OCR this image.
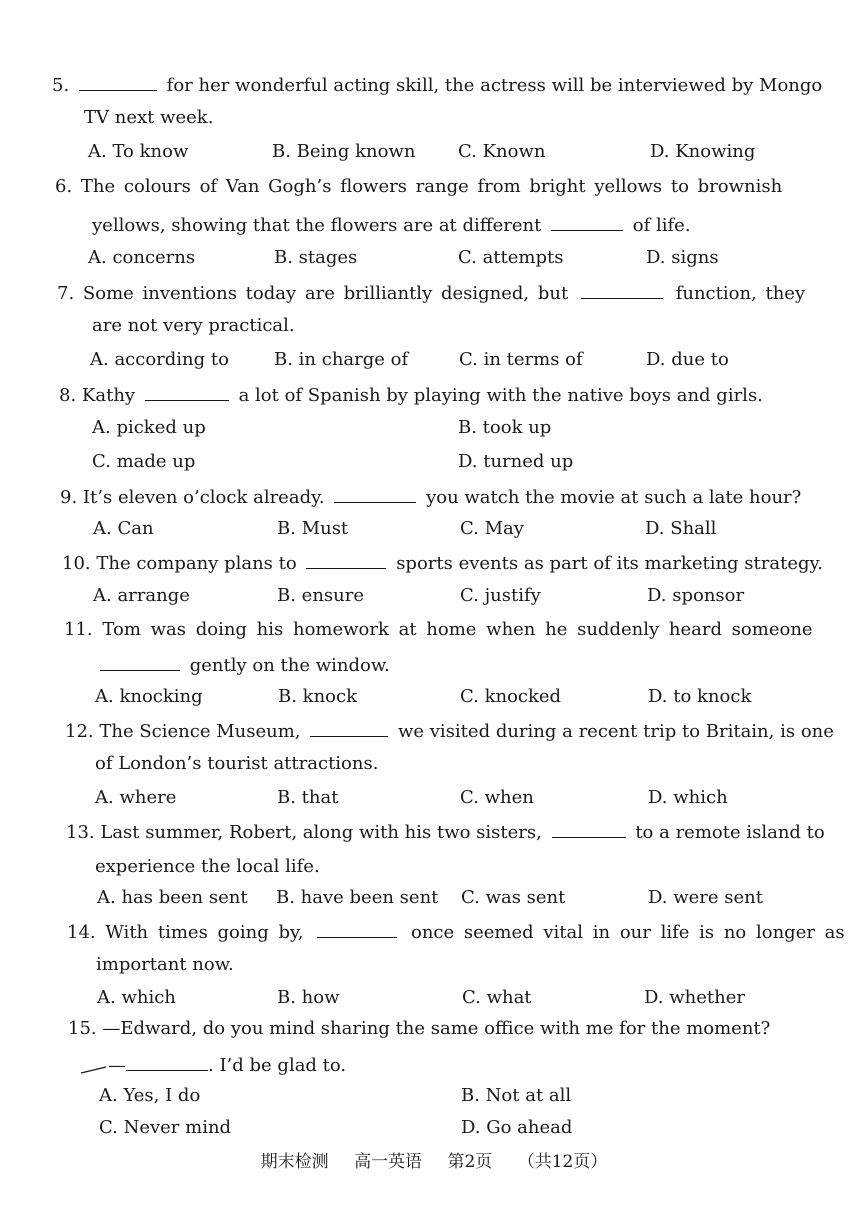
5.	for her wonderful acting skill, the actress will be interviewed by Mongo
TV next week.
A. To know	B. Being known C. Known	D. Knowing
6. The colours of Van Gogh’s flowers range from bright yellows to brownish
yellows, showing that the flowers are at different	of life.
A. concerns	B. stages	C. attempts	D. signs
7. Some inventions today are brilliantly designed, but	function, they
are not very practical.
A. according to	B. in charge of	C. in terms of	D. due to
8. Kathy	a lot of Spanish by playing with the native boys and girls.
A. picked up	B. took up
C. made up	D. turned up
9. It’s eleven o’clock already.	you watch the movie at such a late hour?
A. Can	B. Must	C. May	D. Shall
10. The company plans to	sports events as part of its marketing strategy.
A. arrange	B. ensure	C. justify	D. sponsor
11. Tom was doing his homework at home when he suddenly heard someone
gently on the window.
A. knocking	B. knock	C. knocked	D. to knock
12. The Science Museum,	we visited during a recent trip to Britain, is one
of London’s tourist attractions.
A. where	B. that	C. when	D. which
13. Last summer, Robert, along with his two sisters,	to a remote island to
experience the local life.
A. has been sent B. have been sent C. was sent	D. were sent
14. With times going by,	once seemed vital in our life is no longer as
important now.
A. which	B. how	C. what	D. whether
15. —Edward, do you mind sharing the same office with me for the moment?
—	. I’d be glad to.
A. Yes, I do	B. Not at all
C. Never mind	D. Go ahead
期末检测 高一英语 第2页 （共12页）
